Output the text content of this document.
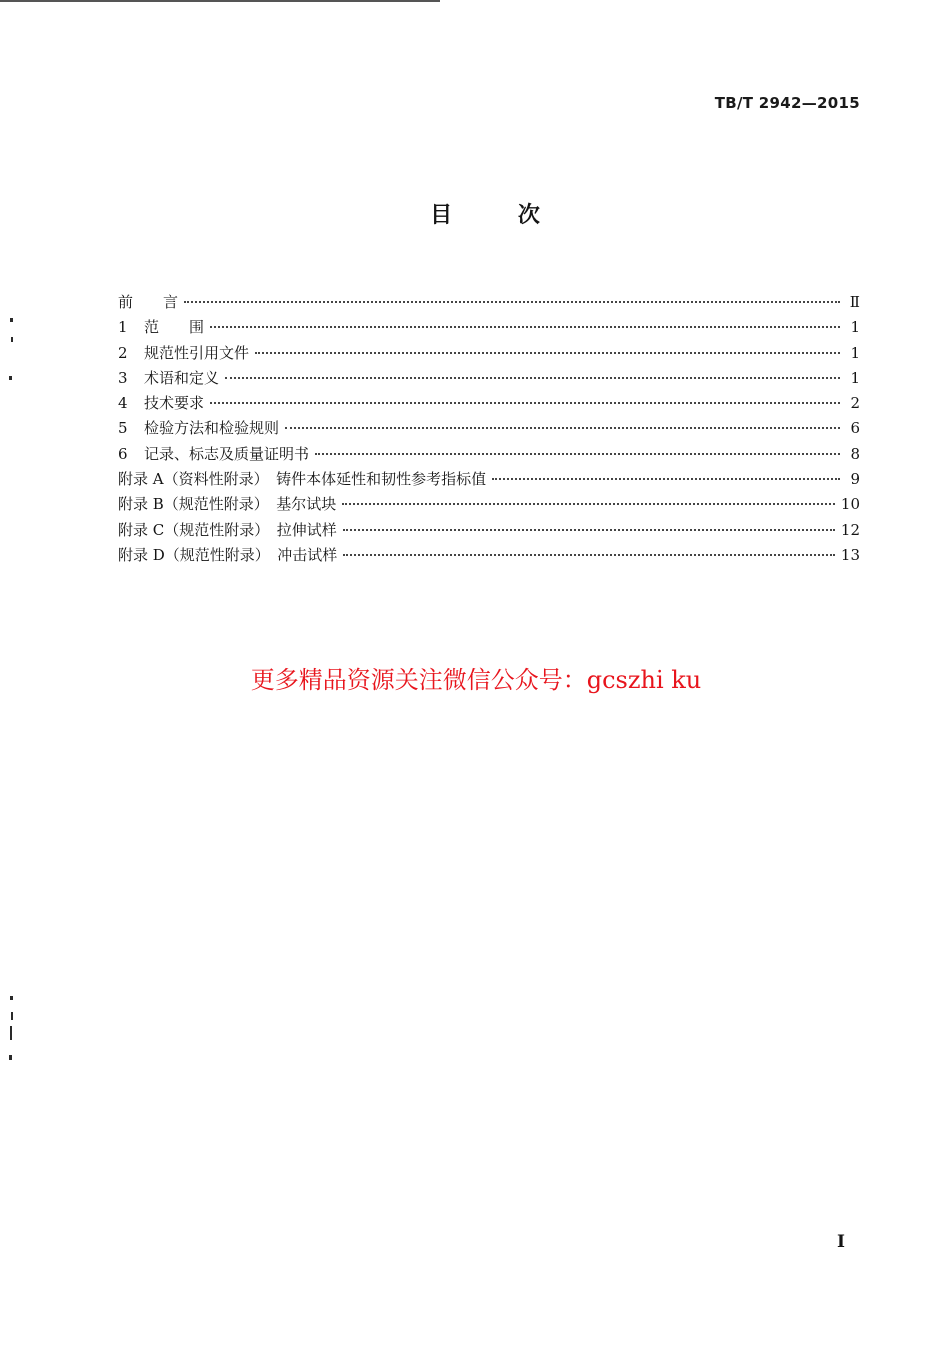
TB/T 2942—2015
目 次
前　　言	Ⅱ
1	范　　围	1
2	规范性引用文件	1
3	术语和定义	1
4	技术要求	2
5	检验方法和检验规则	6
6	记录、标志及质量证明书	8
附录 A（资料性附录）　铸件本体延性和韧性参考指标值	9
附录 B（规范性附录）　基尔试块	10
附录 C（规范性附录）　拉伸试样	12
附录 D（规范性附录）　冲击试样	13
更多精品资源关注微信公众号：gcszhi ku
I
